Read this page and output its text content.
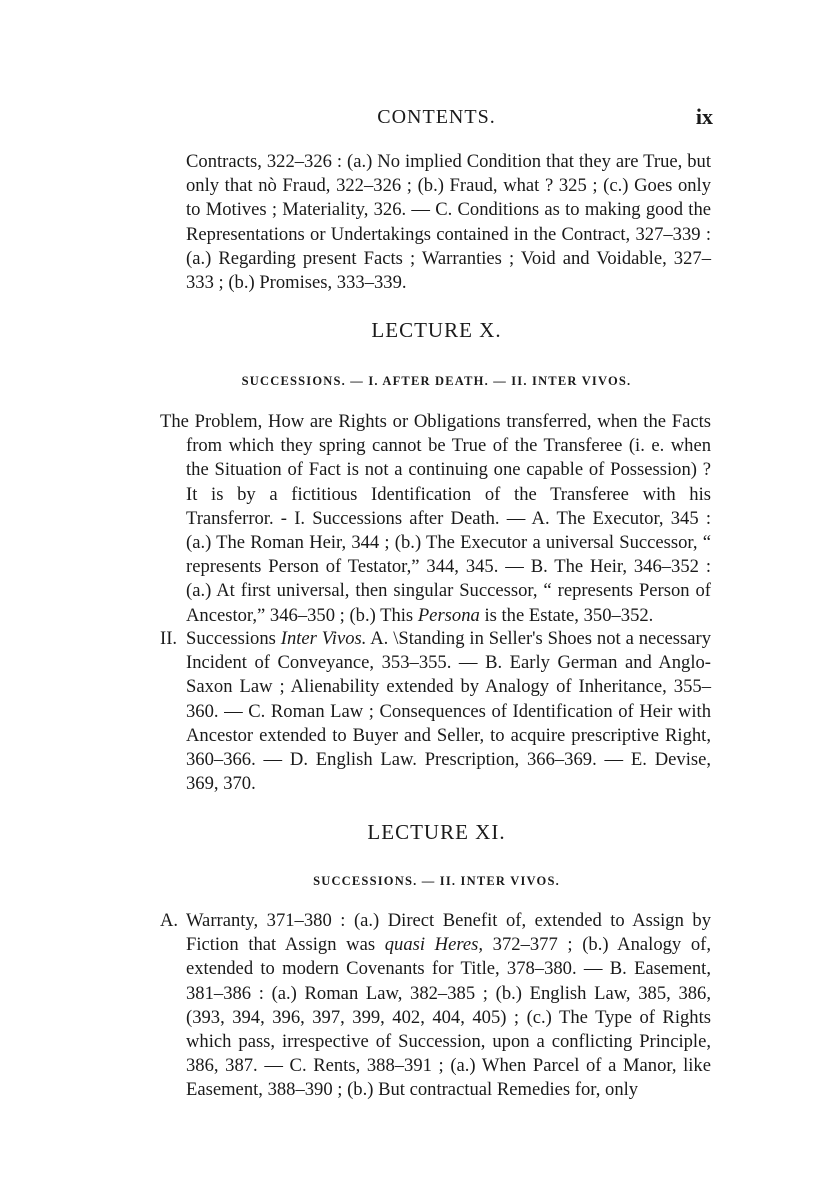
CONTENTS.	ix
Contracts, 322–326 : (a.) No implied Condition that they are True, but only that nò Fraud, 322–326 ; (b.) Fraud, what ? 325 ; (c.) Goes only to Motives ; Materiality, 326. — C. Conditions as to making good the Representations or Undertakings contained in the Contract, 327–339 : (a.) Regarding present Facts ; Warranties ; Void and Voidable, 327–333 ; (b.) Promises, 333–339.
LECTURE X.
SUCCESSIONS. — I. AFTER DEATH. — II. INTER VIVOS.
The Problem, How are Rights or Obligations transferred, when the Facts from which they spring cannot be True of the Transferee (i. e. when the Situation of Fact is not a continuing one capable of Possession) ? It is by a fictitious Identification of the Transferee with his Transferror. - I. Successions after Death. — A. The Executor, 345 : (a.) The Roman Heir, 344 ; (b.) The Executor a universal Successor, “ represents Person of Testator,” 344, 345. — B. The Heir, 346–352 : (a.) At first universal, then singular Successor, “ represents Person of Ancestor,” 346–350 ; (b.) This Persona is the Estate, 350–352.
II. Successions Inter Vivos. A. \Standing in Seller's Shoes not a necessary Incident of Conveyance, 353–355. — B. Early German and Anglo-Saxon Law ; Alienability extended by Analogy of Inheritance, 355–360. — C. Roman Law ; Consequences of Identification of Heir with Ancestor extended to Buyer and Seller, to acquire prescriptive Right, 360–366. — D. English Law. Prescription, 366–369. — E. Devise, 369, 370.
LECTURE XI.
SUCCESSIONS. — II. INTER VIVOS.
A. Warranty, 371–380 : (a.) Direct Benefit of, extended to Assign by Fiction that Assign was quasi Heres, 372–377 ; (b.) Analogy of, extended to modern Covenants for Title, 378–380. — B. Easement, 381–386 : (a.) Roman Law, 382–385 ; (b.) English Law, 385, 386, (393, 394, 396, 397, 399, 402, 404, 405) ; (c.) The Type of Rights which pass, irrespective of Succession, upon a conflicting Principle, 386, 387. — C. Rents, 388–391 ; (a.) When Parcel of a Manor, like Easement, 388–390 ; (b.) But contractual Remedies for, only
